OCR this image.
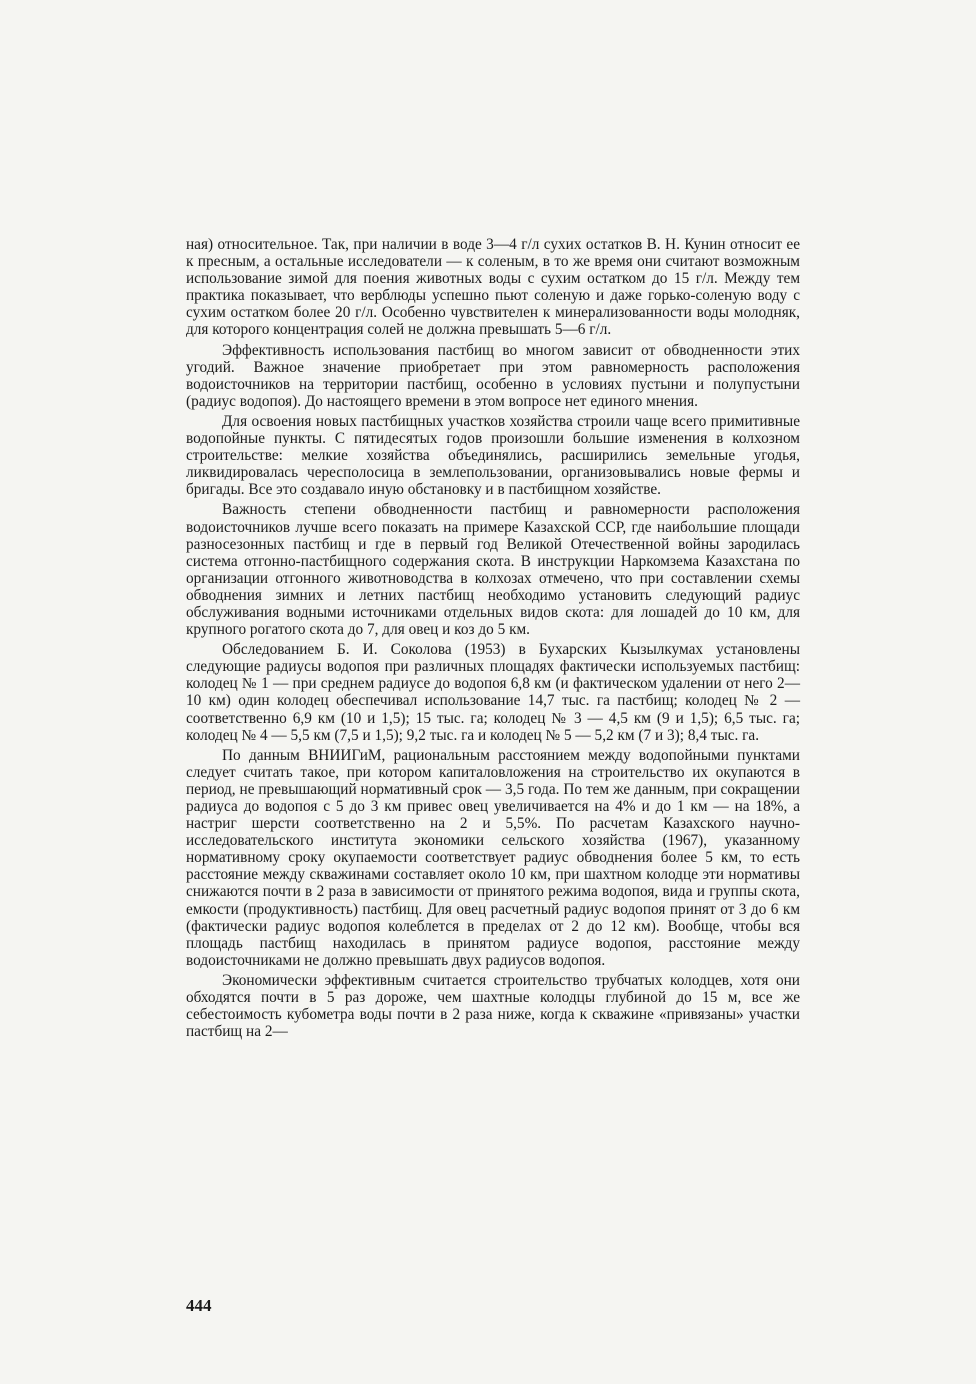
ная) относительное. Так, при наличии в воде 3—4 г/л сухих остатков В. Н. Кунин относит ее к пресным, а остальные исследователи — к соленым, в то же время они считают возможным использование зимой для поения животных воды с сухим остатком до 15 г/л. Между тем практика показывает, что верблюды успешно пьют соленую и даже горько-соленую воду с сухим остатком более 20 г/л. Особенно чувствителен к минерализованности воды молодняк, для которого концентрация солей не должна превышать 5—6 г/л.

Эффективность использования пастбищ во многом зависит от обводненности этих угодий. Важное значение приобретает при этом равномерность расположения водоисточников на территории пастбищ, особенно в условиях пустыни и полупустыни (радиус водопоя). До настоящего времени в этом вопросе нет единого мнения.

Для освоения новых пастбищных участков хозяйства строили чаще всего примитивные водопойные пункты. С пятидесятых годов произошли большие изменения в колхозном строительстве: мелкие хозяйства объединялись, расширились земельные угодья, ликвидировалась чересполосица в землепользовании, организовывались новые фермы и бригады. Все это создавало иную обстановку и в пастбищном хозяйстве.

Важность степени обводненности пастбищ и равномерности расположения водоисточников лучше всего показать на примере Казахской ССР, где наибольшие площади разносезонных пастбищ и где в первый год Великой Отечественной войны зародилась система отгонно-пастбищного содержания скота. В инструкции Наркомзема Казахстана по организации отгонного животноводства в колхозах отмечено, что при составлении схемы обводнения зимних и летних пастбищ необходимо установить следующий радиус обслуживания водными источниками отдельных видов скота: для лошадей до 10 км, для крупного рогатого скота до 7, для овец и коз до 5 км.

Обследованием Б. И. Соколова (1953) в Бухарских Кызылкумах установлены следующие радиусы водопоя при различных площадях фактически используемых пастбищ: колодец № 1 — при среднем радиусе до водопоя 6,8 км (и фактическом удалении от него 2—10 км) один колодец обеспечивал использование 14,7 тыс. га пастбищ; колодец № 2 — соответственно 6,9 км (10 и 1,5); 15 тыс. га; колодец № 3 — 4,5 км (9 и 1,5); 6,5 тыс. га; колодец № 4 — 5,5 км (7,5 и 1,5); 9,2 тыс. га и колодец № 5 — 5,2 км (7 и 3); 8,4 тыс. га.

По данным ВНИИГиМ, рациональным расстоянием между водопойными пунктами следует считать такое, при котором капиталовложения на строительство их окупаются в период, не превышающий нормативный срок — 3,5 года. По тем же данным, при сокращении радиуса до водопоя с 5 до 3 км привес овец увеличивается на 4% и до 1 км — на 18%, а настриг шерсти соответственно на 2 и 5,5%. По расчетам Казахского научно-исследовательского института экономики сельского хозяйства (1967), указанному нормативному сроку окупаемости соответствует радиус обводнения более 5 км, то есть расстояние между скважинами составляет около 10 км, при шахтном колодце эти нормативы снижаются почти в 2 раза в зависимости от принятого режима водопоя, вида и группы скота, емкости (продуктивность) пастбищ. Для овец расчетный радиус водопоя принят от 3 до 6 км (фактически радиус водопоя колеблется в пределах от 2 до 12 км). Вообще, чтобы вся площадь пастбищ находилась в принятом радиусе водопоя, расстояние между водоисточниками не должно превышать двух радиусов водопоя.

Экономически эффективным считается строительство трубчатых колодцев, хотя они обходятся почти в 5 раз дороже, чем шахтные колодцы глубиной до 15 м, все же себестоимость кубометра воды почти в 2 раза ниже, когда к скважине «привязаны» участки пастбищ на 2—

444
